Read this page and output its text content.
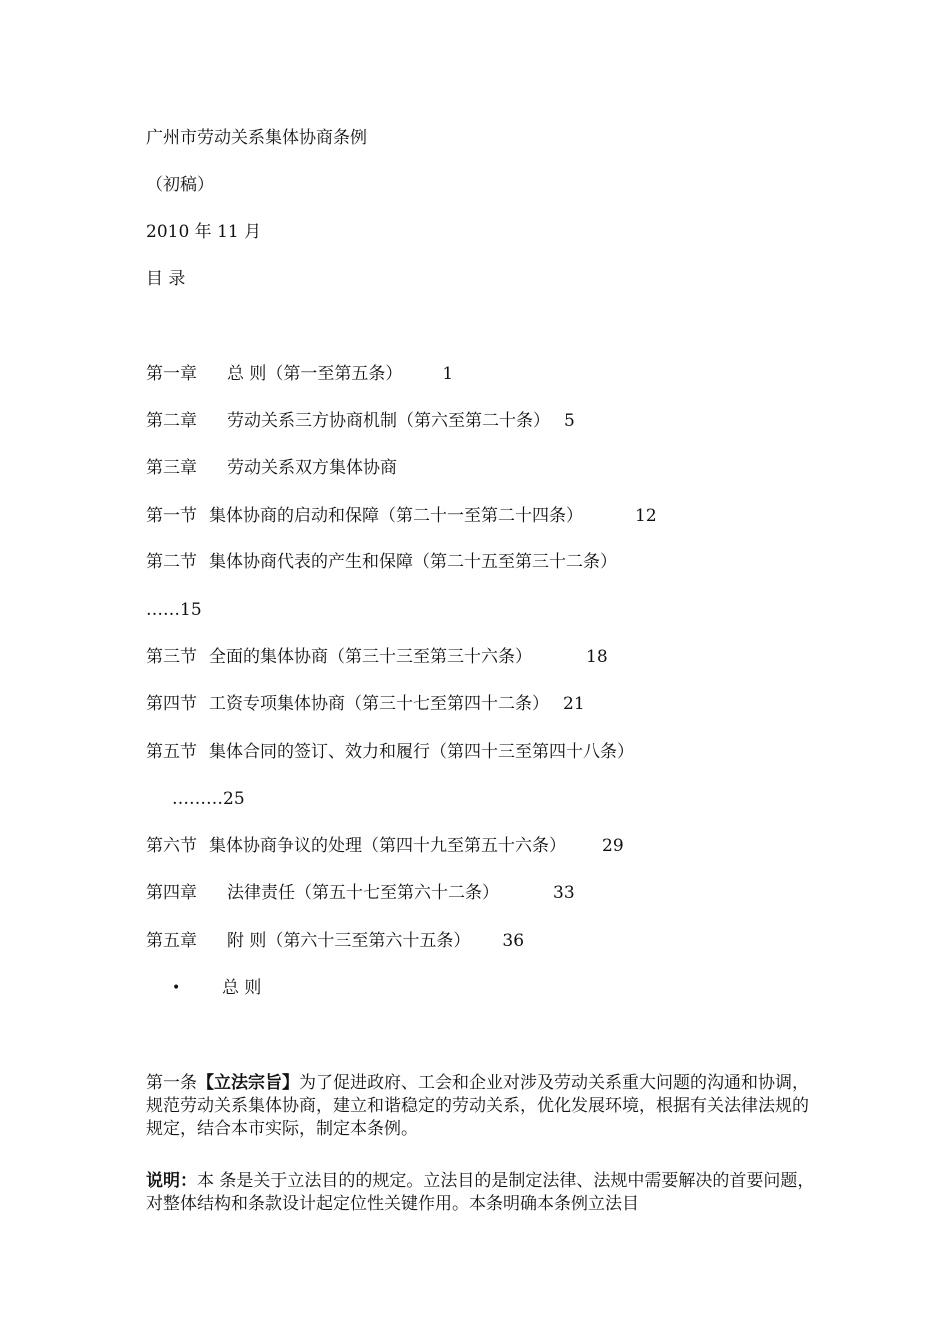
广州市劳动关系集体协商条例
（初稿）
2010 年 11 月
目 录
第一章 总 则（第一至第五条） 1
第二章 劳动关系三方协商机制（第六至第二十条） 5
第三章 劳动关系双方集体协商
第一节 集体协商的启动和保障（第二十一至第二十四条）	12
第二节 集体协商代表的产生和保障（第二十五至第三十二条）
……15
第三节 全面的集体协商（第三十三至第三十六条）	18
第四节 工资专项集体协商（第三十七至第四十二条） 21
第五节 集体合同的签订、效力和履行（第四十三至第四十八条）
………25
第六节 集体协商争议的处理（第四十九至第五十六条） 29
第四章 法律责任（第五十七至第六十二条）	33
第五章 附 则（第六十三至第六十五条） 36
• 总 则
第一条【立法宗旨】为了促进政府、工会和企业对涉及劳动关系重大问题的沟通和协调，规范劳动关系集体协商，建立和谐稳定的劳动关系，优化发展环境，根据有关法律法规的规定，结合本市实际，制定本条例。
说明：本 条是关于立法目的的规定。立法目的是制定法律、法规中需要解决的首要问题，对整体结构和条款设计起定位性关键作用。本条明确本条例立法目
